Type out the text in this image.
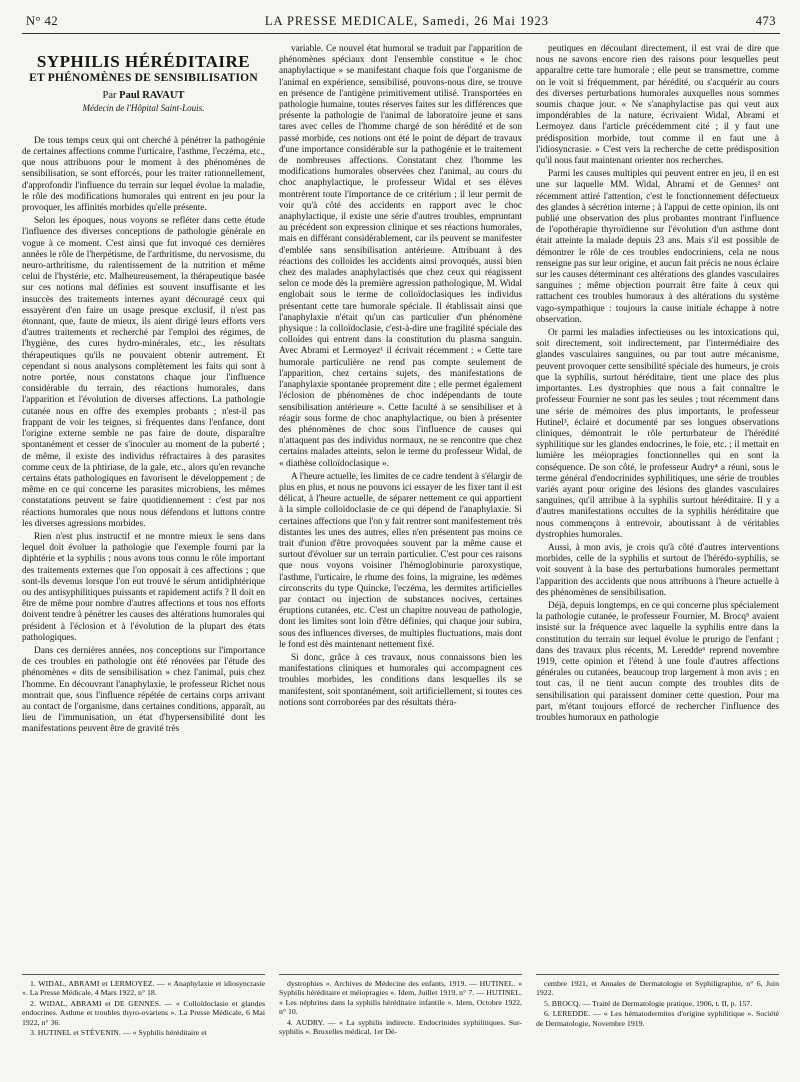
N° 42	LA PRESSE MEDICALE, Samedi, 26 Mai 1923	473
SYPHILIS HÉRÉDITAIRE
ET PHÉNOMÈNES DE SENSIBILISATION
Par Paul RAVAUT
Médecin de l'Hôpital Saint-Louis.

De tous temps ceux qui ont cherché à pénétrer la pathogénie de certaines affections comme l'urticaire, l'asthme, l'eczéma, etc., que nous attribuons pour le moment à des phénomènes de sensibilisation, se sont efforcés, pour les traiter rationnellement, d'approfondir l'influence du terrain sur lequel évolue la maladie, le rôle des modifications humorales qui entrent en jeu pour la provoquer, les affinités morbides qu'elle présente.

Selon les époques, nous voyons se refléter dans cette étude l'influence des diverses conceptions de pathologie générale en vogue à ce moment. C'est ainsi que fut invoqué ces dernières années le rôle de l'herpétisme, de l'arthritisme, du nervosisme, du neuro-arthritisme, du ralentissement de la nutrition et même celui de l'hystérie, etc. Malheureusement, la thérapeutique basée sur ces notions mal définies est souvent insuffisante et les insuccès des traitements internes ayant découragé ceux qui essayèrent d'en faire un usage presque exclusif, il n'est pas étonnant, que, faute de mieux, ils aient dirigé leurs efforts vers d'autres traitements et recherché par l'emploi des régimes, de l'hygiène, des cures hydro-minérales, etc., les résultats thérapeutiques qu'ils ne pouvaient obtenir autrement. Et cependant si nous analysons complètement les faits qui sont à notre portée, nous constatons chaque jour l'influence considérable du terrain, des réactions humorales, dans l'apparition et l'évolution de diverses affections. La pathologie cutanée nous en offre des exemples probants ; n'est-il pas frappant de voir les teignes, si fréquentes dans l'enfance, dont l'origine externe semble ne pas faire de doute, disparaître spontanément et cesser de s'inoculer au moment de la puberté ; de même, il existe des individus réfractaires à des parasites comme ceux de la phtiriase, de la gale, etc., alors qu'en revanche certains états pathologiques en favorisent le développement ; de même en ce qui concerne les parasites microbiens, les mêmes constatations peuvent se faire quotidiennement : c'est par nos réactions humorales que nous nous défendons et luttons contre les diverses agressions morbides.

Rien n'est plus instructif et ne montre mieux le sens dans lequel doit évoluer la pathologie que l'exemple fourni par la diphtérie et la syphilis ; nous avons tous connu le rôle important des traitements externes que l'on opposait à ces affections ; que sont-ils devenus lorsque l'on eut trouvé le sérum antidiphtérique ou des antisyphilitiques puissants et rapidement actifs ? Il doit en être de même pour nombre d'autres affections et tous nos efforts doivent tendre à pénétrer les causes des altérations humorales qui président à l'éclosion et à l'évolution de la plupart des états pathologiques.

Dans ces dernières années, nos conceptions sur l'importance de ces troubles en pathologie ont été rénovées par l'étude des phénomènes « dits de sensibilisation » chez l'animal, puis chez l'homme. En découvrant l'anaphylaxie, le professeur Richet nous montrait que, sous l'influence répétée de certains corps arrivant au contact de l'organisme, dans certaines conditions, apparaît, au lieu de l'immunisation, un état d'hypersensibilité dont les manifestations peuvent être de gravité très

variable. Ce nouvel état humoral se traduit par l'apparition de phénomènes spéciaux dont l'ensemble constitue « le choc anaphylactique » se manifestant chaque fois que l'organisme de l'animal en expérience, sensibilisé, pouvons-nous dire, se trouve en présence de l'antigène primitivement utilisé. Transportées en pathologie humaine, toutes réserves faites sur les différences que présente la pathologie de l'animal de laboratoire jeune et sans tares avec celles de l'homme chargé de son hérédité et de son passé morbide, ces notions ont été le point de départ de travaux d'une importance considérable sur la pathogénie et le traitement de nombreuses affections. Constatant chez l'homme les modifications humorales observées chez l'animal, au cours du choc anaphylactique, le professeur Widal et ses élèves montrèrent toute l'importance de ce critérium ; il leur permit de voir qu'à côté des accidents en rapport avec le choc anaphylactique, il existe une série d'autres troubles, empruntant au précédent son expression clinique et ses réactions humorales, mais en différant considérablement, car ils peuvent se manifester d'emblée sans sensibilisation antérieure. Attribuant à des réactions des colloïdes les accidents ainsi provoqués, aussi bien chez des malades anaphylactisés que chez ceux qui réagissent selon ce mode dès la première agression pathologique, M. Widal englobait sous le terme de colloïdoclasiques les individus présentant cette tare humorale spéciale. Il établissait ainsi que l'anaphylaxie n'était qu'un cas particulier d'un phénomène physique : la colloïdoclasie, c'est-à-dire une fragilité spéciale des colloïdes qui entrent dans la constitution du plasma sanguin. Avec Abrami et Lermoyez¹ il écrivait récemment : « Cette tare humorale particulière ne rend pas compte seulement de l'apparition, chez certains sujets, des manifestations de l'anaphylaxie spontanée proprement dite ; elle permet également l'éclosion de phénomènes de choc indépendants de toute sensibilisation antérieure ». Cette faculté à se sensibiliser et à réagir sous forme de choc anaphylactique, ou bien à présenter des phénomènes de choc sous l'influence de causes qui n'attaquent pas des individus normaux, ne se rencontre que chez certains malades atteints, selon le terme du professeur Widal, de « diathèse colloïdoclasique ».

A l'heure actuelle, les limites de ce cadre tendent à s'élargir de plus en plus, et nous ne pouvons ici essayer de les fixer tant il est délicat, à l'heure actuelle, de séparer nettement ce qui appartient à la simple colloïdoclasie de ce qui dépend de l'anaphylaxie. Si certaines affections que l'on y fait rentrer sont manifestement très distantes les unes des autres, elles n'en présentent pas moins ce trait d'union d'être provoquées souvent par la même cause et surtout d'évoluer sur un terrain particulier. C'est pour ces raisons que nous voyons voisiner l'hémoglobinurie paroxystique, l'asthme, l'urticaire, le rhume des foins, la migraine, les œdèmes circonscrits du type Quincke, l'eczéma, les dermites artificielles par contact ou injection de substances nocives, certaines éruptions cutanées, etc. C'est un chapitre nouveau de pathologie, dont les limites sont loin d'être définies, qui chaque jour subira, sous des influences diverses, de multiples fluctuations, mais dont le fond est dès maintenant nettement fixé.

Si donc, grâce à ces travaux, nous connaissons bien les manifestations cliniques et humorales qui accompagnent ces troubles morbides, les conditions dans lesquelles ils se manifestent, soit spontanément, soit artificiellement, si toutes ces notions sont corroborées par des résultats théra-

peutiques en découlant directement, il est vrai de dire que nous ne savons encore rien des raisons pour lesquelles peut apparaître cette tare humorale ; elle peut se transmettre, comme on le voit si fréquemment, par hérédité, ou s'acquérir au cours des diverses perturbations humorales auxquelles nous sommes soumis chaque jour. « Ne s'anaphylactise pas qui veut aux impondérables de la nature, écrivaient Widal, Abrami et Lermoyez dans l'article précédemment cité ; il y faut une prédisposition morbide, tout comme il en faut une à l'idiosyncrasie. » C'est vers la recherche de cette prédisposition qu'il nous faut maintenant orienter nos recherches.

Parmi les causes multiples qui peuvent entrer en jeu, il en est une sur laquelle MM. Widal, Abrami et de Gennes² ont récemment attiré l'attention, c'est le fonctionnement défectueux des glandes à sécrétion interne ; à l'appui de cette opinion, ils ont publié une observation des plus probantes montrant l'influence de l'opothérapie thyroïdienne sur l'évolution d'un asthme dont était atteinte la malade depuis 23 ans. Mais s'il est possible de démontrer le rôle de ces troubles endocriniens, cela ne nous renseigne pas sur leur origine, et aucun fait précis ne nous éclaire sur les causes déterminant ces altérations des glandes vasculaires sanguines ; même objection pourrait être faite à ceux qui rattachent ces troubles humoraux à des altérations du système vago-sympathique : toujours la cause initiale échappe à notre observation.

Or parmi les maladies infectieuses ou les intoxications qui, soit directement, soit indirectement, par l'intermédiaire des glandes vasculaires sanguines, ou par tout autre mécanisme, peuvent provoquer cette sensibilité spéciale des humeurs, je crois que la syphilis, surtout héréditaire, tient une place des plus importantes. Les dystrophies que nous a fait connaître le professeur Fournier ne sont pas les seules ; tout récemment dans une série de mémoires des plus importants, le professeur Hutinel³, éclairé et documenté par ses longues observations cliniques, démontrait le rôle perturbateur de l'hérédité syphilitique sur les glandes endocrines, le foie, etc. ; il mettait en lumière les méiopragies fonctionnelles qui en sont la conséquence. De son côté, le professeur Audry⁴ a réuni, sous le terme général d'endocrinides syphilitiques, une série de troubles variés ayant pour origine des lésions des glandes vasculaires sanguines, qu'il attribue à la syphilis surtout héréditaire. Il y a d'autres manifestations occultes de la syphilis héréditaire que nous commençons à entrevoir, aboutissant à de véritables dystrophies humorales.

Aussi, à mon avis, je crois qu'à côté d'autres interventions morbides, celle de la syphilis et surtout de l'hérédo-syphilis, se voit souvent à la base des perturbations humorales permettant l'apparition des accidents que nous attribuons à l'heure actuelle à des phénomènes de sensibilisation.

Déjà, depuis longtemps, en ce qui concerne plus spécialement la pathologie cutanée, le professeur Fournier, M. Brocq⁵ avaient insisté sur la fréquence avec laquelle la syphilis entre dans la constitution du terrain sur lequel évolue le prurigo de l'enfant ; dans des travaux plus récents, M. Leredde⁶ reprend novembre 1919, cette opinion et l'étend à une foule d'autres affections générales ou cutanées, beaucoup trop largement à mon avis ; en tout cas, il ne tient aucun compte des troubles dits de sensibilisation qui paraissent dominer cette question. Pour ma part, m'étant toujours efforcé de rechercher l'influence des troubles humoraux en pathologie

1. WIDAL, ABRAMI et LERMOYEZ. — « Anaphylaxie et idiosyncrasie ». La Presse Médicale, 4 Mars 1922, n° 18.

2. WIDAL, ABRAMI et DE GENNES. — « Colloïdoclasie et glandes endocrines. Asthme et troubles thyro-ovariens ». La Presse Médicale, 6 Mai 1922, n° 36.

3. HUTINEL et STÉVENIN. — « Syphilis héréditaire et

dystrophies ». Archives de Médecine des enfants, 1919. — HUTINEL. « Syphilis héréditaire et méiopragies ». Idem, Juillet 1919, n° 7. — HUTINEL. « Les néphrites dans la syphilis héréditaire infantile ». Idem, Octobre 1922, n° 10.

4. AUDRY. — « La syphilis indirecte. Endocrinides syphilitiques. Sur-syphilis ». Bruxelles médical, 1er Dé-

cembre 1921, et Annales de Dermatologie et Syphiligraphie, n° 6, Juin 1922.

5. BROCQ. — Traité de Dermatologie pratique, 1906, t. II, p. 157.

6. LEREDDE. — « Les hématodermites d'origine syphilitique ». Société de Dermatologie, Novembre 1919.
